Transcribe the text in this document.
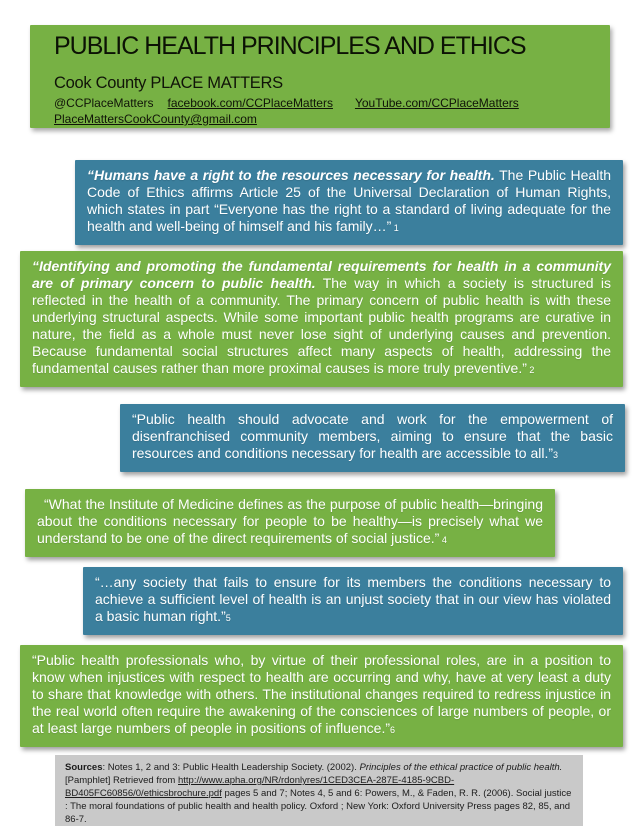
PUBLIC HEALTH PRINCIPLES AND ETHICS
Cook County PLACE MATTERS
@CCPlaceMatters facebook.com/CCPlaceMatters YouTube.com/CCPlaceMatters
PlaceMattersCookCounty@gmail.com

“Humans have a right to the resources necessary for health. The Public Health Code of Ethics affirms Article 25 of the Universal Declaration of Human Rights, which states in part “Everyone has the right to a standard of living adequate for the health and well-being of himself and his family…” 1

“Identifying and promoting the fundamental requirements for health in a community are of primary concern to public health. The way in which a society is structured is reflected in the health of a community. The primary concern of public health is with these underlying structural aspects. While some important public health programs are curative in nature, the field as a whole must never lose sight of underlying causes and prevention. Because fundamental social structures affect many aspects of health, addressing the fundamental causes rather than more proximal causes is more truly preventive.” 2

“Public health should advocate and work for the empowerment of disenfranchised community members, aiming to ensure that the basic resources and conditions necessary for health are accessible to all.”3

“What the Institute of Medicine defines as the purpose of public health—bringing about the conditions necessary for people to be healthy—is precisely what we understand to be one of the direct requirements of social justice.” 4

“…any society that fails to ensure for its members the conditions necessary to achieve a sufficient level of health is an unjust society that in our view has violated a basic human right.”5

“Public health professionals who, by virtue of their professional roles, are in a position to know when injustices with respect to health are occurring and why, have at very least a duty to share that knowledge with others. The institutional changes required to redress injustice in the real world often require the awakening of the consciences of large numbers of people, or at least large numbers of people in positions of influence.”6

Sources: Notes 1, 2 and 3: Public Health Leadership Society. (2002). Principles of the ethical practice of public health. [Pamphlet] Retrieved from http://www.apha.org/NR/rdonlyres/1CED3CEA-287E-4185-9CBD-BD405FC60856/0/ethicsbrochure.pdf pages 5 and 7; Notes 4, 5 and 6: Powers, M., & Faden, R. R. (2006). Social justice : The moral foundations of public health and health policy. Oxford ; New York: Oxford University Press pages 82, 85, and 86-7.
